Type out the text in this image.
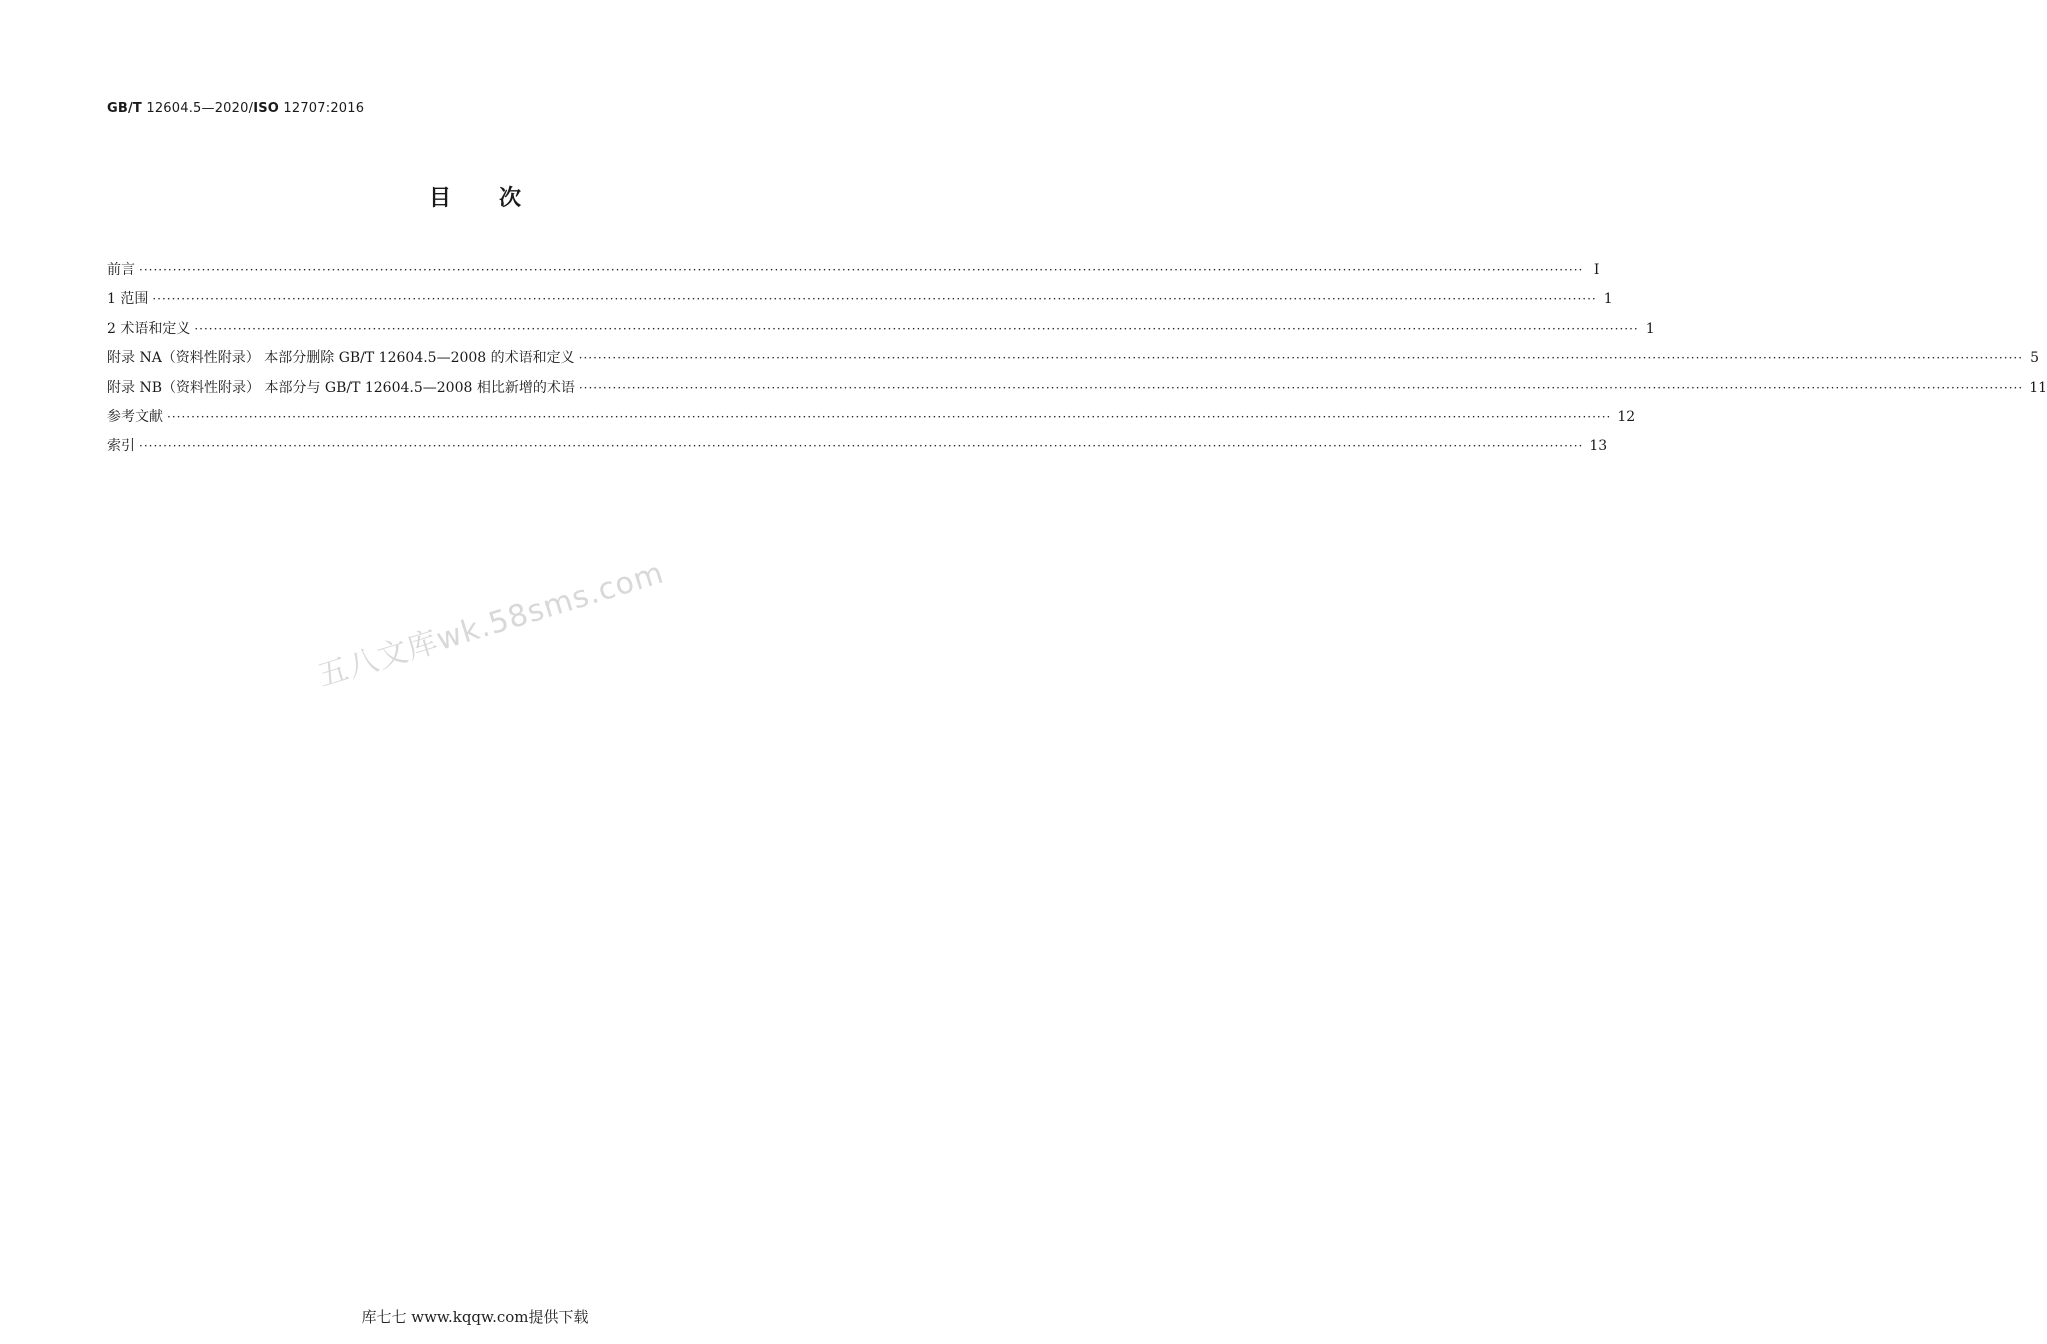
GB/T 12604.5—2020/ISO 12707:2016
目 次
前言 ············································································································································································································································································································ Ⅰ
1 范围 ············································································································································································································································································································ 1
2 术语和定义 ············································································································································································································································································································ 1
附录 NA（资料性附录） 本部分删除 GB/T 12604.5—2008 的术语和定义 ············································································································································································································································································································ 5
附录 NB（资料性附录） 本部分与 GB/T 12604.5—2008 相比新增的术语 ············································································································································································································································································································ 11
参考文献 ············································································································································································································································································································ 12
索引 ············································································································································································································································································································ 13
五八文库wk.58sms.com
库七七 www.kqqw.com提供下载
